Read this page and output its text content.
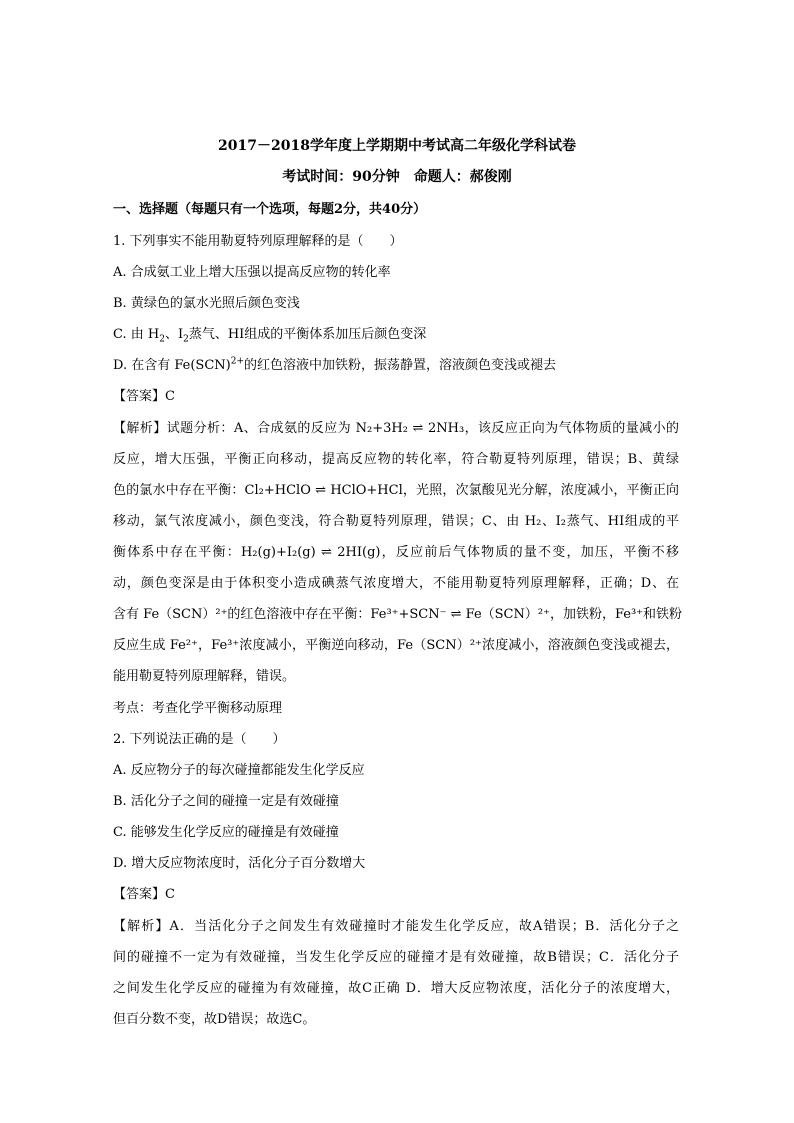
2017－2018学年度上学期期中考试高二年级化学科试卷
考试时间：90分钟　命题人：郝俊刚
一、选择题（每题只有一个选项，每题2分，共40分）
1. 下列事实不能用勒夏特列原理解释的是（　　）
A. 合成氨工业上增大压强以提高反应物的转化率
B. 黄绿色的氯水光照后颜色变浅
C. 由 $H_2$、$I_2$蒸气、HI组成的平衡体系加压后颜色变深
D. 在含有 Fe(SCN)$^{2+}$的红色溶液中加铁粉，振荡静置，溶液颜色变浅或褪去
【答案】C
【解析】试题分析：A、合成氨的反应为 N₂+3H₂ ⇌ 2NH₃，该反应正向为气体物质的量减小的
反应，增大压强，平衡正向移动，提高反应物的转化率，符合勒夏特列原理，错误；B、黄绿
色的氯水中存在平衡：Cl₂+HClO ⇌ HClO+HCl，光照，次氯酸见光分解，浓度减小，平衡正向
移动，氯气浓度减小，颜色变浅，符合勒夏特列原理，错误；C、由 H₂、I₂蒸气、HI组成的平
衡体系中存在平衡：H₂(g)+I₂(g) ⇌ 2HI(g)，反应前后气体物质的量不变，加压，平衡不移
动，颜色变深是由于体积变小造成碘蒸气浓度增大，不能用勒夏特列原理解释，正确；D、在
含有 Fe（SCN）²⁺的红色溶液中存在平衡：Fe³⁺+SCN⁻ ⇌ Fe（SCN）²⁺，加铁粉，Fe³⁺和铁粉
反应生成 Fe²⁺，Fe³⁺浓度减小，平衡逆向移动，Fe（SCN）²⁺浓度减小，溶液颜色变浅或褪去，
能用勒夏特列原理解释，错误。
考点：考查化学平衡移动原理
2. 下列说法正确的是（　　）
A. 反应物分子的每次碰撞都能发生化学反应
B. 活化分子之间的碰撞一定是有效碰撞
C. 能够发生化学反应的碰撞是有效碰撞
D. 增大反应物浓度时，活化分子百分数增大
【答案】C
【解析】A．当活化分子之间发生有效碰撞时才能发生化学反应，故A错误；B．活化分子之
间的碰撞不一定为有效碰撞，当发生化学反应的碰撞才是有效碰撞，故B错误；C．活化分子
之间发生化学反应的碰撞为有效碰撞，故C正确 D．增大反应物浓度，活化分子的浓度增大，
但百分数不变，故D错误；故选C。
